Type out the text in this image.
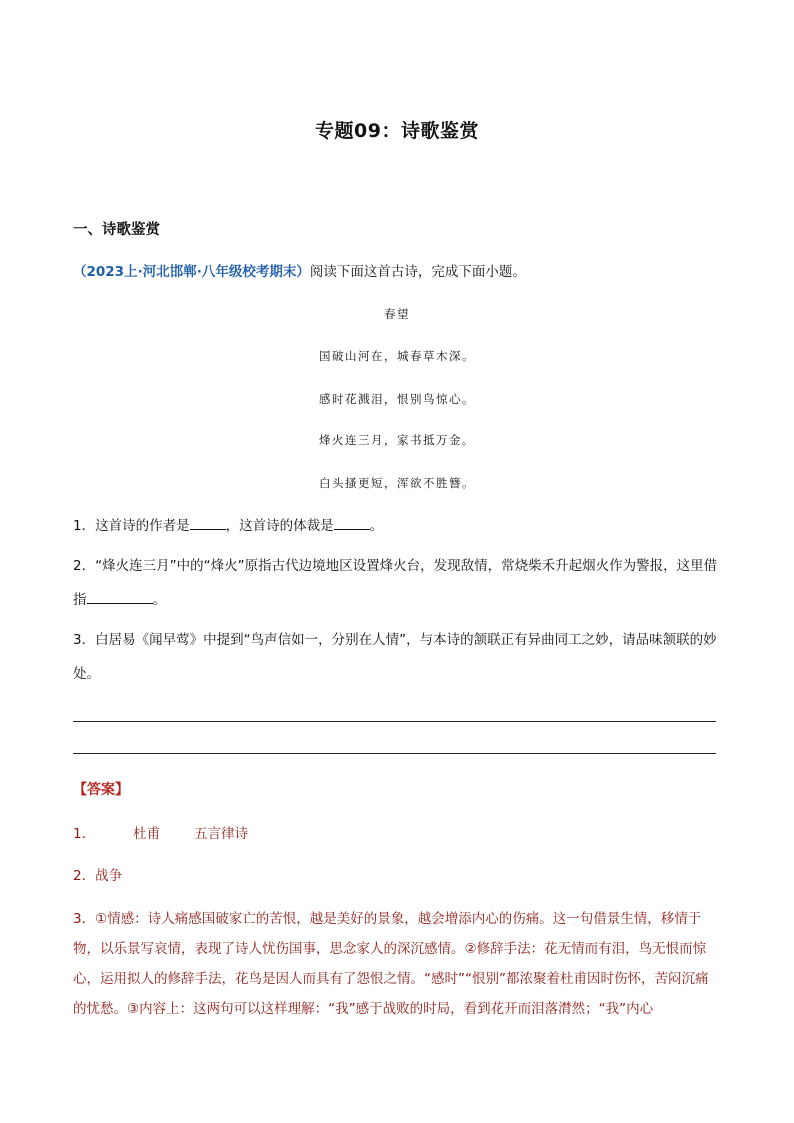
专题09：诗歌鉴赏
一、诗歌鉴赏
（2023上·河北邯郸·八年级校考期末）阅读下面这首古诗，完成下面小题。
春望
国破山河在，城春草木深。
感时花溅泪，恨别鸟惊心。
烽火连三月，家书抵万金。
白头搔更短，浑欲不胜簪。
1．这首诗的作者是	，这首诗的体裁是	。
2．“烽火连三月”中的“烽火”原指古代边境地区设置烽火台，发现敌情，常烧柴禾升起烟火作为警报，这里借指	。
3．白居易《闻早莺》中提到“鸟声信如一，分别在人情”，与本诗的颔联正有异曲同工之妙，请品味颔联的妙处。
【答案】
1．	杜甫	五言律诗
2．战争
3．①情感：诗人痛感国破家亡的苦恨，越是美好的景象，越会增添内心的伤痛。这一句借景生情，移情于物，以乐景写哀情，表现了诗人忧伤国事，思念家人的深沉感情。②修辞手法：花无情而有泪，鸟无恨而惊心，运用拟人的修辞手法，花鸟是因人而具有了怨恨之情。“感时”“恨别”都浓聚着杜甫因时伤怀，苦闷沉痛的忧愁。③内容上：这两句可以这样理解：“我”感于战败的时局，看到花开而泪落潸然；“我”内心
